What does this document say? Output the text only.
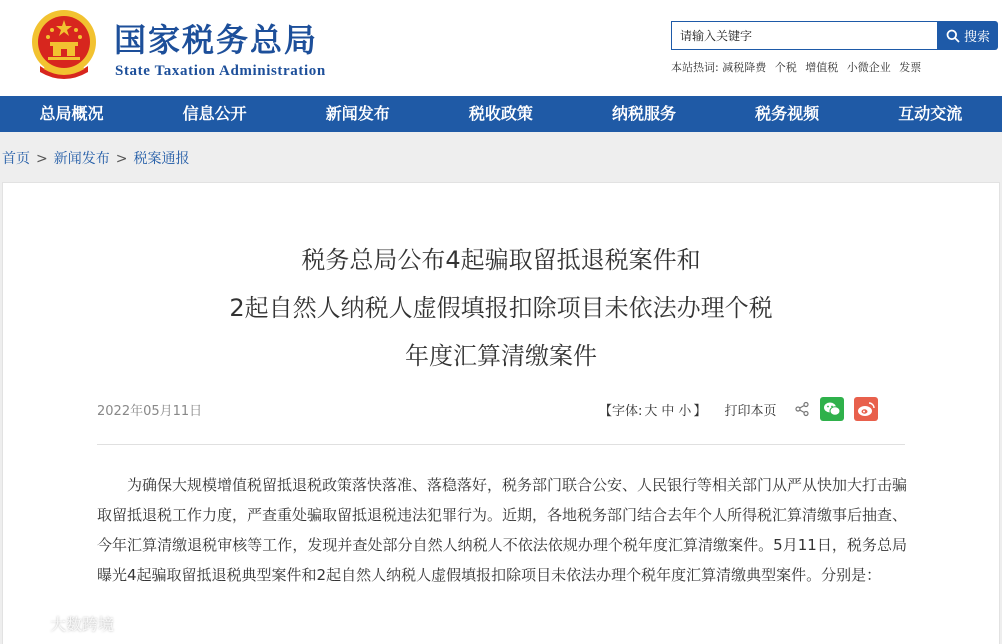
国家税务总局
State Taxation Administration
请输入关键字
搜索
本站热词: 减税降费 个税 增值税 小微企业 发票
总局概况	信息公开	新闻发布	税收政策	纳税服务	税务视频	互动交流
首页 > 新闻发布 > 税案通报
税务总局公布4起骗取留抵退税案件和
2起自然人纳税人虚假填报扣除项目未依法办理个税
年度汇算清缴案件
2022年05月11日	【字体: 大 中 小 】 打印本页
为确保大规模增值税留抵退税政策落快落准、落稳落好，税务部门联合公安、人民银行等相关部门从严从快加大打击骗取留抵退税工作力度，严查重处骗取留抵退税违法犯罪行为。近期，各地税务部门结合去年个人所得税汇算清缴事后抽查、今年汇算清缴退税审核等工作，发现并查处部分自然人纳税人不依法依规办理个税年度汇算清缴案件。5月11日，税务总局曝光4起骗取留抵退税典型案件和2起自然人纳税人虚假填报扣除项目未依法办理个税年度汇算清缴典型案件。分别是：
大数跨境
